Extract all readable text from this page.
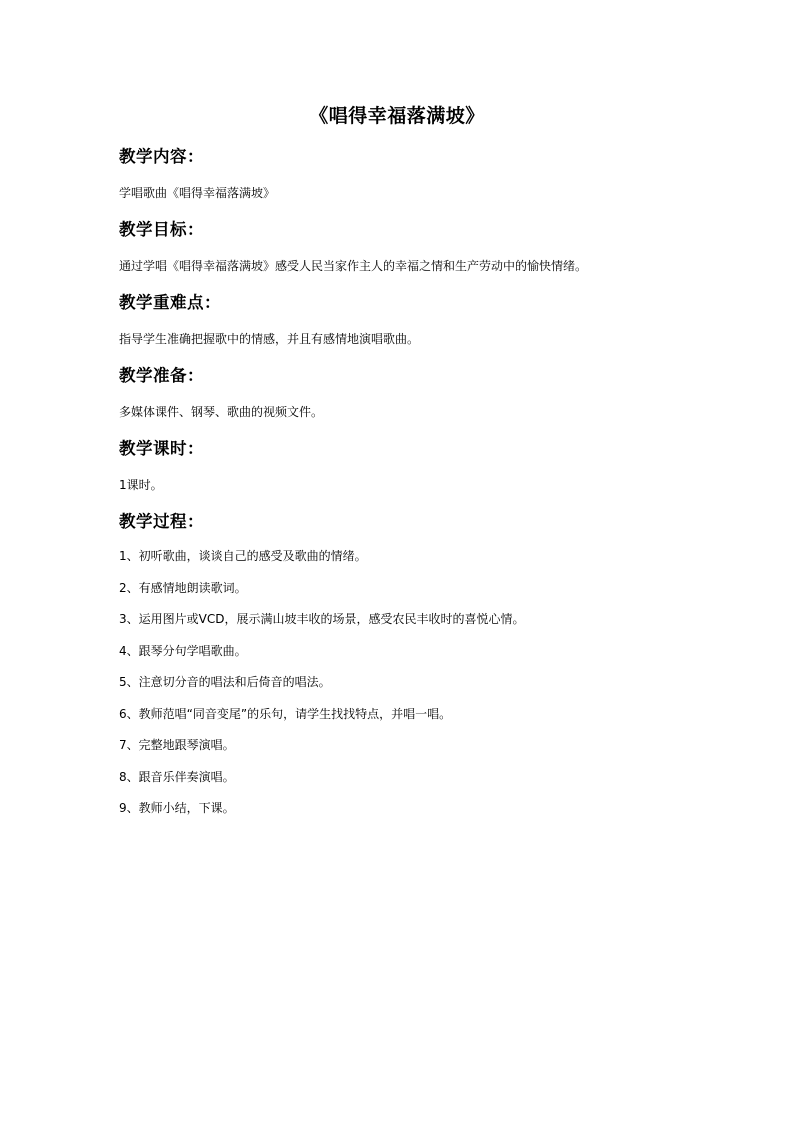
《唱得幸福落满坡》
教学内容：
学唱歌曲《唱得幸福落满坡》
教学目标：
通过学唱《唱得幸福落满坡》感受人民当家作主人的幸福之情和生产劳动中的愉快情绪。
教学重难点：
指导学生准确把握歌中的情感，并且有感情地演唱歌曲。
教学准备：
多媒体课件、钢琴、歌曲的视频文件。
教学课时：
1课时。
教学过程：
1、初听歌曲，谈谈自己的感受及歌曲的情绪。
2、有感情地朗读歌词。
3、运用图片或VCD，展示满山坡丰收的场景，感受农民丰收时的喜悦心情。
4、跟琴分句学唱歌曲。
5、注意切分音的唱法和后倚音的唱法。
6、教师范唱“同音变尾”的乐句，请学生找找特点，并唱一唱。
7、完整地跟琴演唱。
8、跟音乐伴奏演唱。
9、教师小结，下课。
